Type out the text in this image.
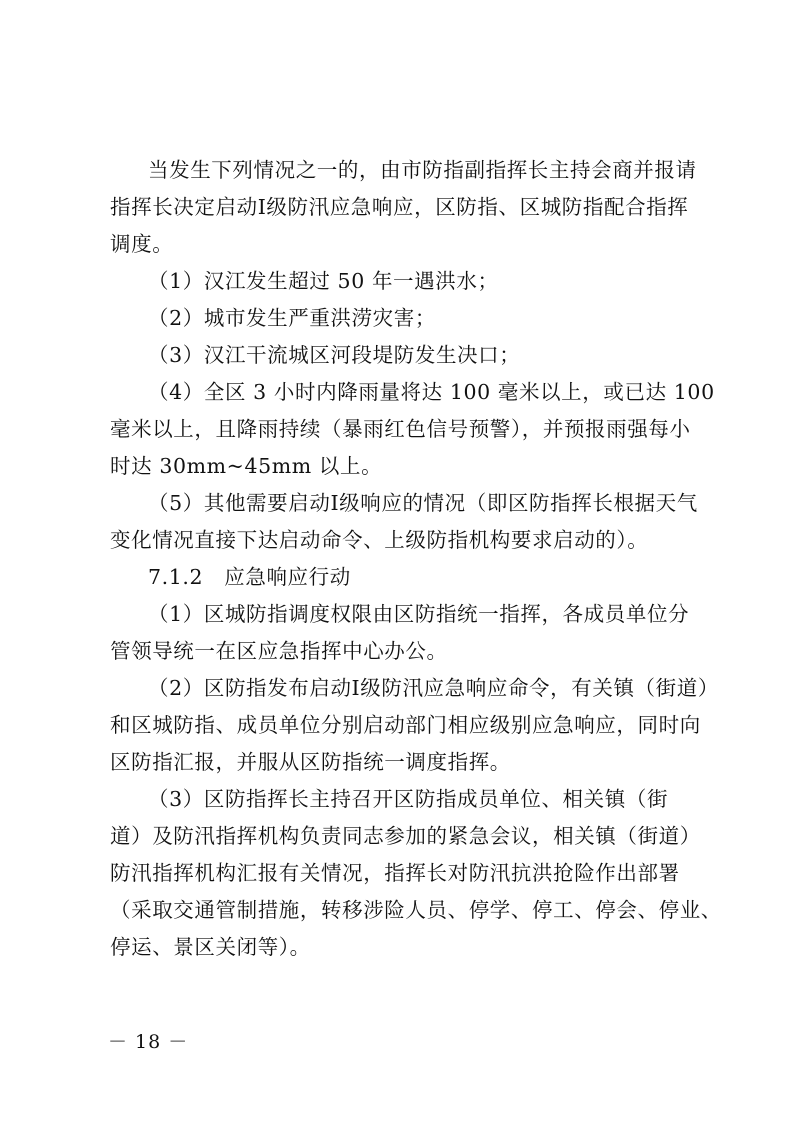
当发生下列情况之一的，由市防指副指挥长主持会商并报请
指挥长决定启动Ⅰ级防汛应急响应，区防指、区城防指配合指挥
调度。
（1）汉江发生超过 50 年一遇洪水；
（2）城市发生严重洪涝灾害；
（3）汉江干流城区河段堤防发生决口；
（4）全区 3 小时内降雨量将达 100 毫米以上，或已达 100
毫米以上，且降雨持续（暴雨红色信号预警），并预报雨强每小
时达 30mm~45mm 以上。
（5）其他需要启动Ⅰ级响应的情况（即区防指挥长根据天气
变化情况直接下达启动命令、上级防指机构要求启动的）。
7.1.2　应急响应行动
（1）区城防指调度权限由区防指统一指挥，各成员单位分
管领导统一在区应急指挥中心办公。
（2）区防指发布启动Ⅰ级防汛应急响应命令，有关镇（街道）
和区城防指、成员单位分别启动部门相应级别应急响应，同时向
区防指汇报，并服从区防指统一调度指挥。
（3）区防指挥长主持召开区防指成员单位、相关镇（街
道）及防汛指挥机构负责同志参加的紧急会议，相关镇（街道）
防汛指挥机构汇报有关情况，指挥长对防汛抗洪抢险作出部署
（采取交通管制措施，转移涉险人员、停学、停工、停会、停业、
停运、景区关闭等）。
－ 18 －
